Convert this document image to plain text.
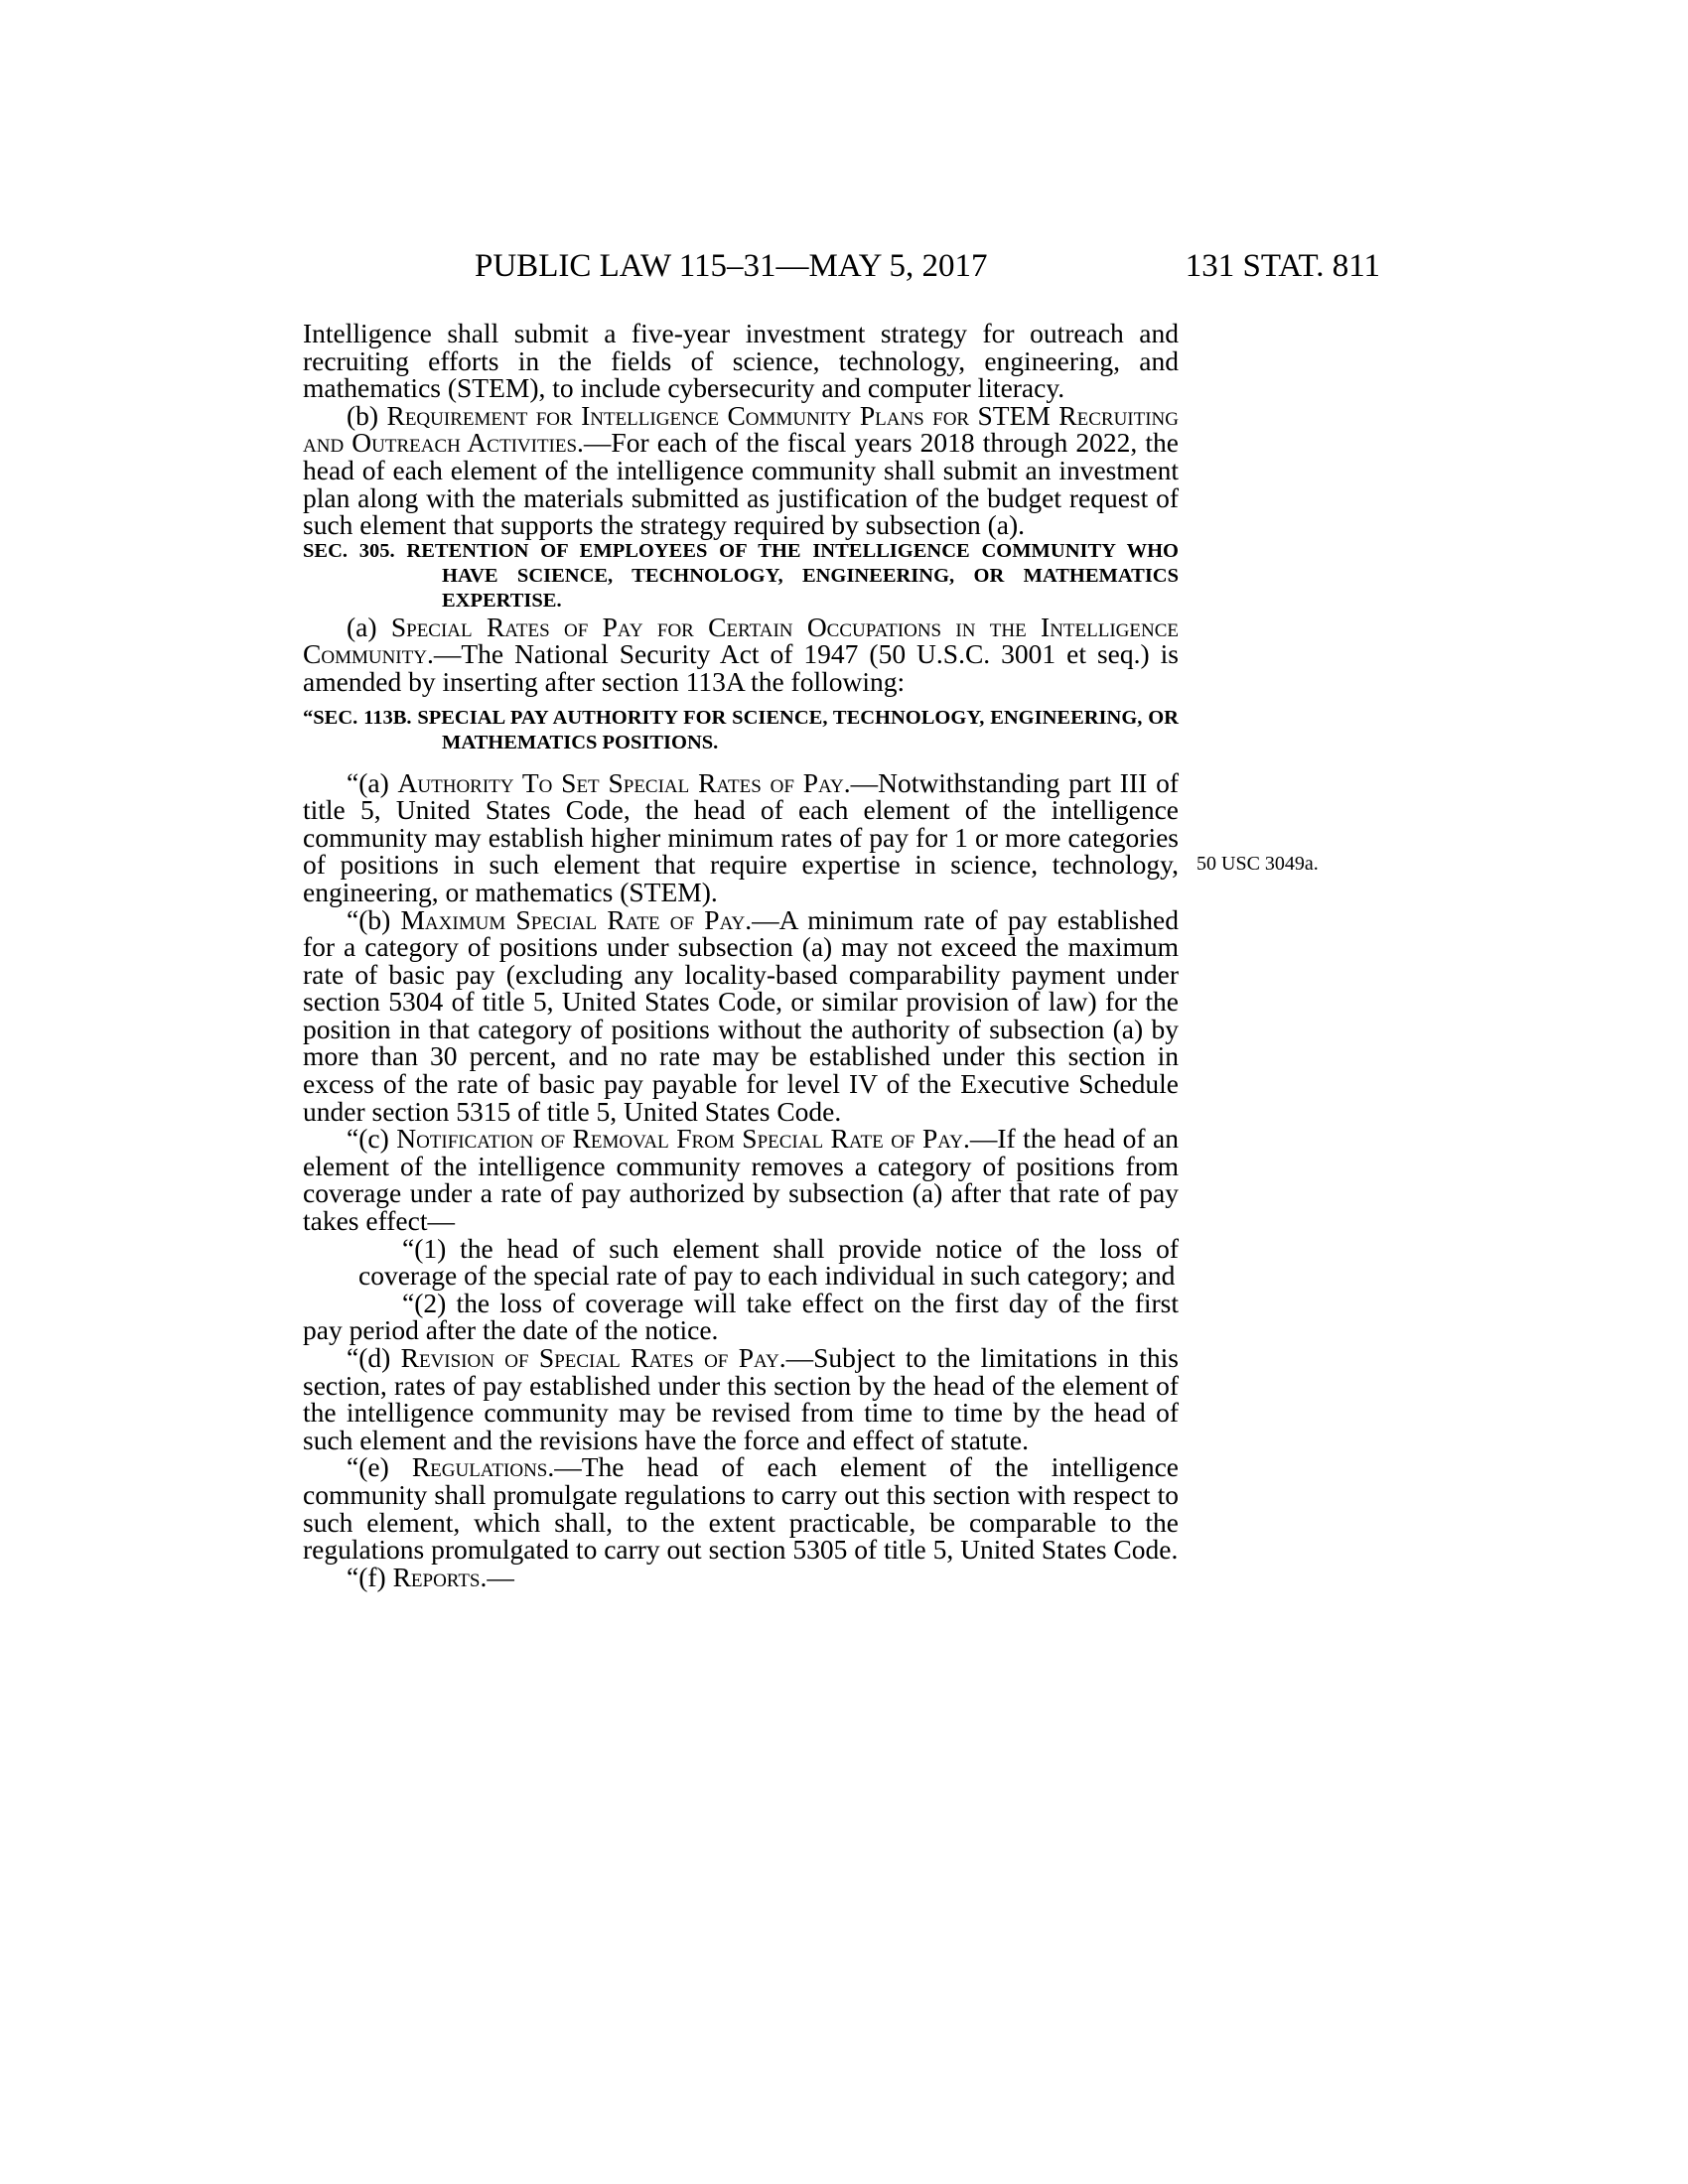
PUBLIC LAW 115–31—MAY 5, 2017	131 STAT. 811
50 USC 3049a.

Intelligence shall submit a five-year investment strategy for outreach and recruiting efforts in the fields of science, technology, engineering, and mathematics (STEM), to include cybersecurity and computer literacy.

(b) Requirement for Intelligence Community Plans for STEM Recruiting and Outreach Activities.—For each of the fiscal years 2018 through 2022, the head of each element of the intelligence community shall submit an investment plan along with the materials submitted as justification of the budget request of such element that supports the strategy required by subsection (a).

SEC. 305. RETENTION OF EMPLOYEES OF THE INTELLIGENCE COMMUNITY WHO HAVE SCIENCE, TECHNOLOGY, ENGINEERING, OR MATHEMATICS EXPERTISE.

(a) Special Rates of Pay for Certain Occupations in the Intelligence Community.—The National Security Act of 1947 (50 U.S.C. 3001 et seq.) is amended by inserting after section 113A the following:

“SEC. 113B. SPECIAL PAY AUTHORITY FOR SCIENCE, TECHNOLOGY, ENGINEERING, OR MATHEMATICS POSITIONS.

“(a) Authority To Set Special Rates of Pay.—Notwithstanding part III of title 5, United States Code, the head of each element of the intelligence community may establish higher minimum rates of pay for 1 or more categories of positions in such element that require expertise in science, technology, engineering, or mathematics (STEM).

“(b) Maximum Special Rate of Pay.—A minimum rate of pay established for a category of positions under subsection (a) may not exceed the maximum rate of basic pay (excluding any locality-based comparability payment under section 5304 of title 5, United States Code, or similar provision of law) for the position in that category of positions without the authority of subsection (a) by more than 30 percent, and no rate may be established under this section in excess of the rate of basic pay payable for level IV of the Executive Schedule under section 5315 of title 5, United States Code.

“(c) Notification of Removal From Special Rate of Pay.—If the head of an element of the intelligence community removes a category of positions from coverage under a rate of pay authorized by subsection (a) after that rate of pay takes effect—

“(1) the head of such element shall provide notice of the loss of coverage of the special rate of pay to each individual in such category; and

“(2) the loss of coverage will take effect on the first day of the first pay period after the date of the notice.

“(d) Revision of Special Rates of Pay.—Subject to the limitations in this section, rates of pay established under this section by the head of the element of the intelligence community may be revised from time to time by the head of such element and the revisions have the force and effect of statute.

“(e) Regulations.—The head of each element of the intelligence community shall promulgate regulations to carry out this section with respect to such element, which shall, to the extent practicable, be comparable to the regulations promulgated to carry out section 5305 of title 5, United States Code.

“(f) Reports.—
